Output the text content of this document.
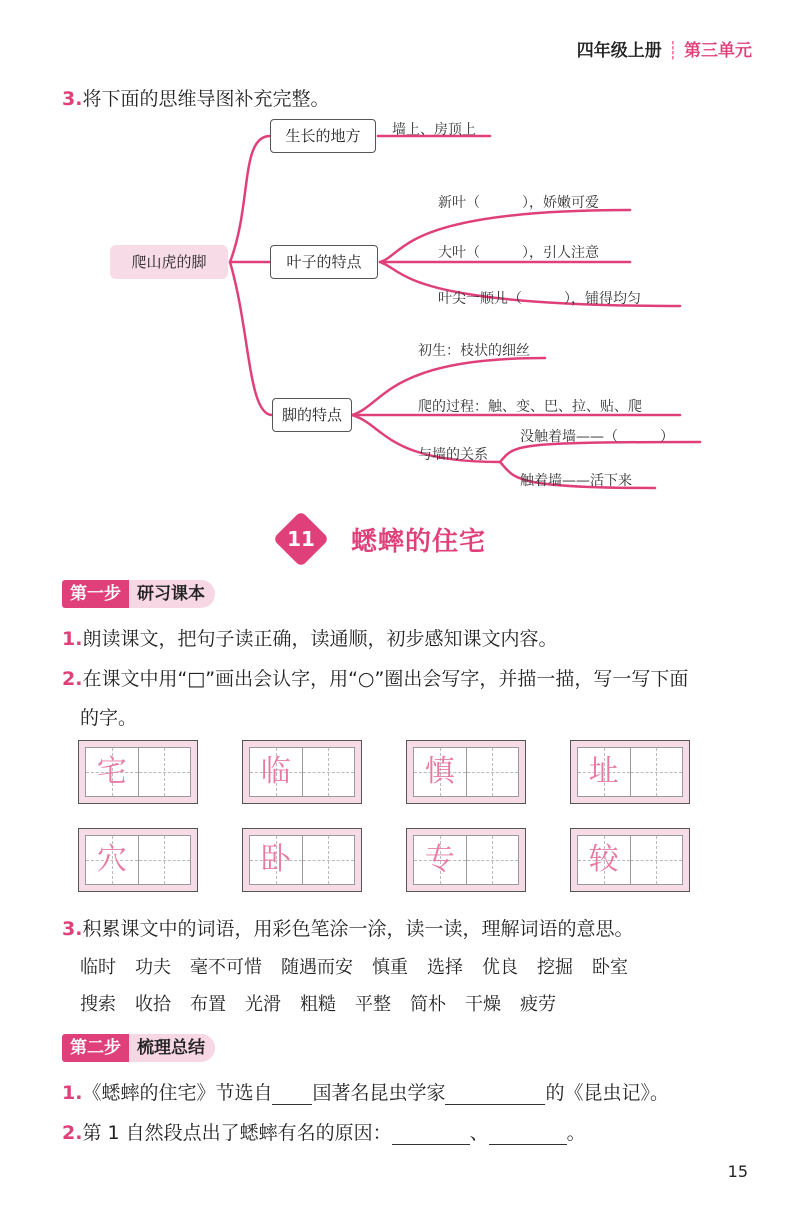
四年级上册 ┊ 第三单元
3.将下面的思维导图补充完整。
爬山虎的脚
生长的地方
叶子的特点
脚的特点
墙上、房顶上
新叶（　　　），娇嫩可爱
大叶（　　　），引人注意
叶尖一顺儿（　　　），铺得均匀
初生：枝状的细丝
爬的过程：触、变、巴、拉、贴、爬
与墙的关系
没触着墙——（　　　）
触着墙——活下来
11 蟋蟀的住宅
第一步 研习课本
1.朗读课文，把句子读正确，读通顺，初步感知课文内容。
2.在课文中用“□”画出会认字，用“○”圈出会写字，并描一描，写一写下面
的字。
宅	临	慎	址
穴	卧	专	较
3.积累课文中的词语，用彩色笔涂一涂，读一读，理解词语的意思。
临时 功夫 毫不可惜 随遇而安 慎重 选择 优良 挖掘 卧室
搜索 收拾 布置 光滑 粗糙 平整 简朴 干燥 疲劳
第二步 梳理总结
1.《蟋蟀的住宅》节选自 国著名昆虫学家	的《昆虫记》。
2.第 1 自然段点出了蟋蟀有名的原因：	、	。
15
